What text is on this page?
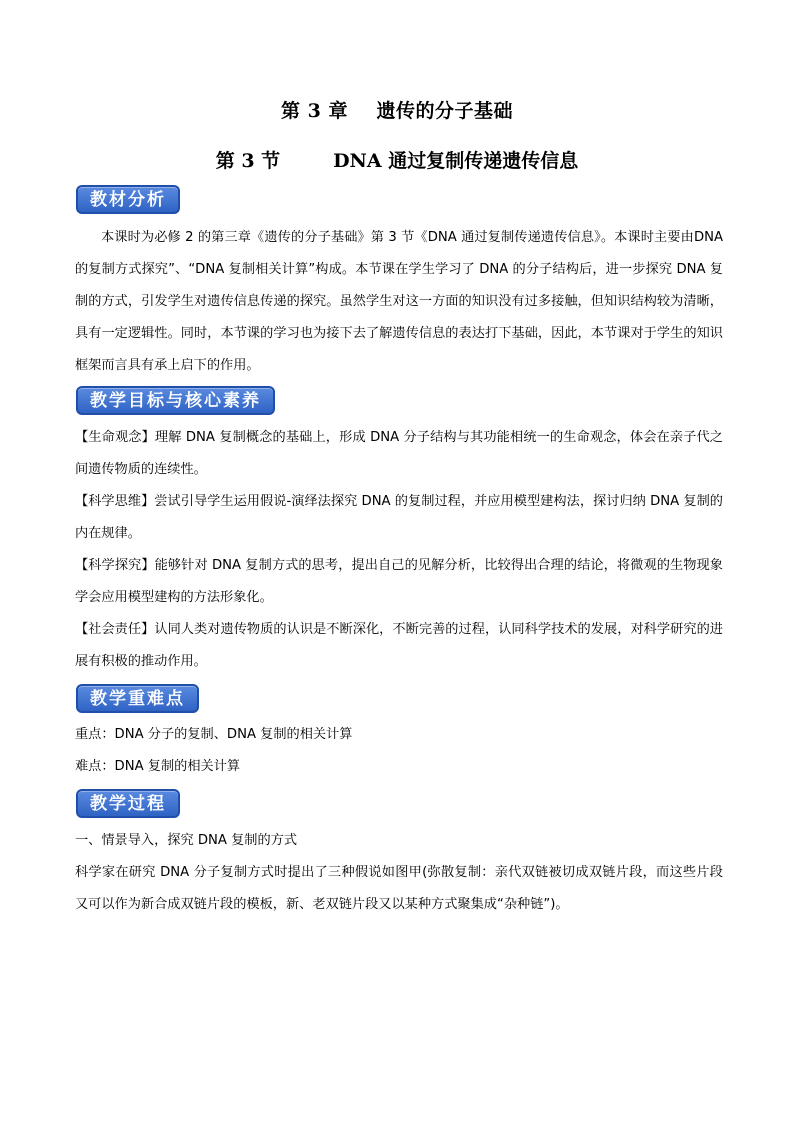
第 3 章    遗传的分子基础
第 3 节        DNA 通过复制传递遗传信息
教材分析
本课时为必修 2 的第三章《遗传的分子基础》第 3 节《DNA 通过复制传递遗传信息》。本课时主要由DNA的复制方式探究”、“DNA 复制相关计算”构成。本节课在学生学习了 DNA 的分子结构后，进一步探究 DNA 复制的方式，引发学生对遗传信息传递的探究。虽然学生对这一方面的知识没有过多接触，但知识结构较为清晰，具有一定逻辑性。同时，本节课的学习也为接下去了解遗传信息的表达打下基础，因此，本节课对于学生的知识框架而言具有承上启下的作用。
教学目标与核心素养
【生命观念】理解 DNA 复制概念的基础上，形成 DNA 分子结构与其功能相统一的生命观念，体会在亲子代之间遗传物质的连续性。
【科学思维】尝试引导学生运用假说-演绎法探究 DNA 的复制过程，并应用模型建构法，探讨归纳 DNA 复制的内在规律。
【科学探究】能够针对 DNA 复制方式的思考，提出自己的见解分析，比较得出合理的结论，将微观的生物现象学会应用模型建构的方法形象化。
【社会责任】认同人类对遗传物质的认识是不断深化，不断完善的过程，认同科学技术的发展，对科学研究的进展有积极的推动作用。
教学重难点
重点：DNA 分子的复制、DNA 复制的相关计算
难点：DNA 复制的相关计算
教学过程
一、情景导入，探究 DNA 复制的方式
科学家在研究 DNA 分子复制方式时提出了三种假说如图甲(弥散复制：亲代双链被切成双链片段，而这些片段又可以作为新合成双链片段的模板，新、老双链片段又以某种方式聚集成“杂种链”)。
